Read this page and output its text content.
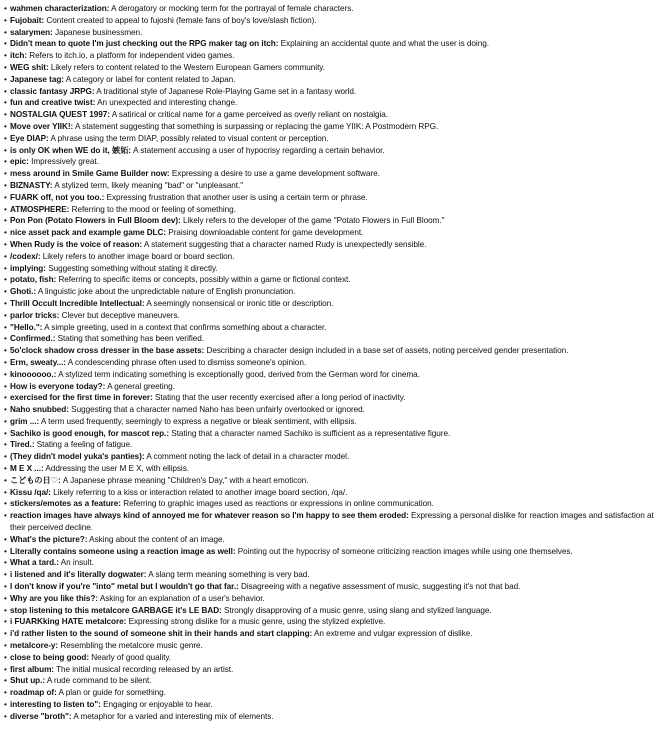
• wahmen characterization: A derogatory or mocking term for the portrayal of female characters.
• Fujobait: Content created to appeal to fujoshi (female fans of boy's love/slash fiction).
• salarymen: Japanese businessmen.
• Didn't mean to quote I'm just checking out the RPG maker tag on itch: Explaining an accidental quote and what the user is doing.
• itch: Refers to itch.io, a platform for independent video games.
• WEG shit: Likely refers to content related to the Western European Gamers community.
• Japanese tag: A category or label for content related to Japan.
• classic fantasy JRPG: A traditional style of Japanese Role-Playing Game set in a fantasy world.
• fun and creative twist: An unexpected and interesting change.
• NOSTALGIA QUEST 1997: A satirical or critical name for a game perceived as overly reliant on nostalgia.
• Move over YIIK!: A statement suggesting that something is surpassing or replacing the game YIIK: A Postmodern RPG.
• Eye DIAP: A phrase using the term DIAP, possibly related to visual content or perception.
• is only OK when WE do it, 嫉妬: A statement accusing a user of hypocrisy regarding a certain behavior.
• epic: Impressively great.
• mess around in Smile Game Builder now: Expressing a desire to use a game development software.
• BIZNASTY: A stylized term, likely meaning "bad" or "unpleasant."
• FUARK off, not you too.: Expressing frustration that another user is using a certain term or phrase.
• ATMOSPHERE: Referring to the mood or feeling of something.
• Pon Pon (Potato Flowers in Full Bloom dev): Likely refers to the developer of the game "Potato Flowers in Full Bloom."
• nice asset pack and example game DLC: Praising downloadable content for game development.
• When Rudy is the voice of reason: A statement suggesting that a character named Rudy is unexpectedly sensible.
• /codex/: Likely refers to another image board or board section.
• implying: Suggesting something without stating it directly.
• potato, fish: Referring to specific items or concepts, possibly within a game or fictional context.
• Ghoti.: A linguistic joke about the unpredictable nature of English pronunciation.
• Thrill Occult Incredible Intellectual: A seemingly nonsensical or ironic title or description.
• parlor tricks: Clever but deceptive maneuvers.
• "Hello.": A simple greeting, used in a context that confirms something about a character.
• Confirmed.: Stating that something has been verified.
• 5o'clock shadow cross dresser in the base assets: Describing a character design included in a base set of assets, noting perceived gender presentation.
• Erm, sweaty...: A condescending phrase often used to dismiss someone's opinion.
• kinoooooo.: A stylized term indicating something is exceptionally good, derived from the German word for cinema.
• How is everyone today?: A general greeting.
• exercised for the first time in forever: Stating that the user recently exercised after a long period of inactivity.
• Naho snubbed: Suggesting that a character named Naho has been unfairly overlooked or ignored.
• grim ...: A term used frequently, seemingly to express a negative or bleak sentiment, with ellipsis.
• Sachiko is good enough, for mascot rep.: Stating that a character named Sachiko is sufficient as a representative figure.
• Tired.: Stating a feeling of fatigue.
• (They didn't model yuka's panties): A comment noting the lack of detail in a character model.
• M E X ...: Addressing the user M E X, with ellipsis.
• こどもの日♡: A Japanese phrase meaning "Children's Day," with a heart emoticon.
• Kissu /qa/: Likely referring to a kiss or interaction related to another image board section, /qa/.
• stickers/emotes as a feature: Referring to graphic images used as reactions or expressions in online communication.
• reaction images have always kind of annoyed me for whatever reason so I'm happy to see them eroded: Expressing a personal dislike for reaction images and satisfaction at their perceived decline.
• What's the picture?: Asking about the content of an image.
• Literally contains someone using a reaction image as well: Pointing out the hypocrisy of someone criticizing reaction images while using one themselves.
• What a tard.: An insult.
• i listened and it's literally dogwater: A slang term meaning something is very bad.
• I don't know if you're "into" metal but I wouldn't go that far.: Disagreeing with a negative assessment of music, suggesting it's not that bad.
• Why are you like this?: Asking for an explanation of a user's behavior.
• stop listening to this metalcore GARBAGE it's LE BAD: Strongly disapproving of a music genre, using slang and stylized language.
• i FUARKking HATE metalcore: Expressing strong dislike for a music genre, using the stylized expletive.
• i'd rather listen to the sound of someone shit in their hands and start clapping: An extreme and vulgar expression of dislike.
• metalcore-y: Resembling the metalcore music genre.
• close to being good: Nearly of good quality.
• first album: The initial musical recording released by an artist.
• Shut up.: A rude command to be silent.
• roadmap of: A plan or guide for something.
• interesting to listen to": Engaging or enjoyable to hear.
• diverse "broth": A metaphor for a varied and interesting mix of elements.
